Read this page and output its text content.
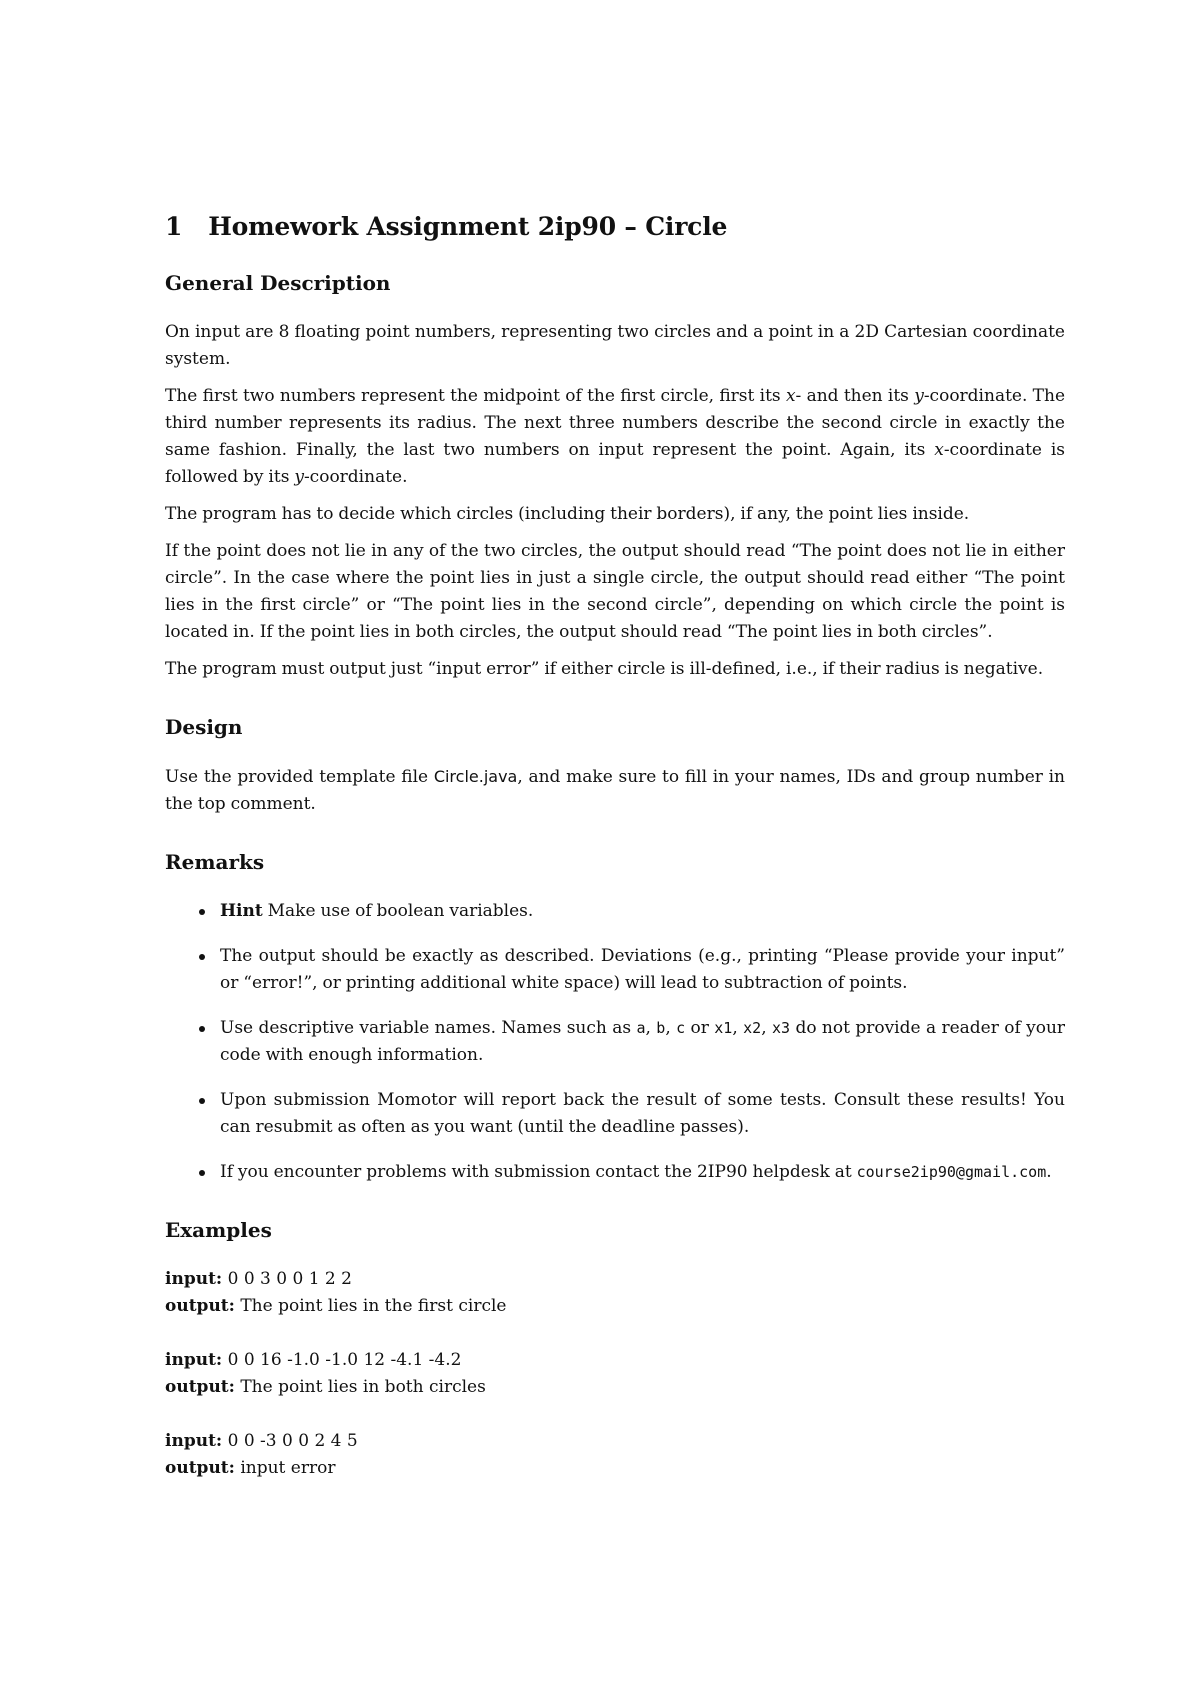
1 Homework Assignment 2ip90 – Circle
General Description

On input are 8 floating point numbers, representing two circles and a point in a 2D Cartesian coordinate system.

The first two numbers represent the midpoint of the first circle, first its x- and then its y-coordinate. The third number represents its radius. The next three numbers describe the second circle in exactly the same fashion. Finally, the last two numbers on input represent the point. Again, its x-coordinate is followed by its y-coordinate.

The program has to decide which circles (including their borders), if any, the point lies inside.

If the point does not lie in any of the two circles, the output should read “The point does not lie in either circle”. In the case where the point lies in just a single circle, the output should read either “The point lies in the first circle” or “The point lies in the second circle”, depending on which circle the point is located in. If the point lies in both circles, the output should read “The point lies in both circles”.

The program must output just “input error” if either circle is ill-defined, i.e., if their radius is negative.

Design

Use the provided template file Circle.java, and make sure to fill in your names, IDs and group number in the top comment.

Remarks
Hint Make use of boolean variables.
The output should be exactly as described. Deviations (e.g., printing “Please provide your input” or “error!”, or printing additional white space) will lead to subtraction of points.
Use descriptive variable names. Names such as a, b, c or x1, x2, x3 do not provide a reader of your code with enough information.
Upon submission Momotor will report back the result of some tests. Consult these results! You can resubmit as often as you want (until the deadline passes).
If you encounter problems with submission contact the 2IP90 helpdesk at course2ip90@gmail.com.
Examples
input: 0 0 3 0 0 1 2 2
output: The point lies in the first circle
input: 0 0 16 -1.0 -1.0 12 -4.1 -4.2
output: The point lies in both circles
input: 0 0 -3 0 0 2 4 5
output: input error
